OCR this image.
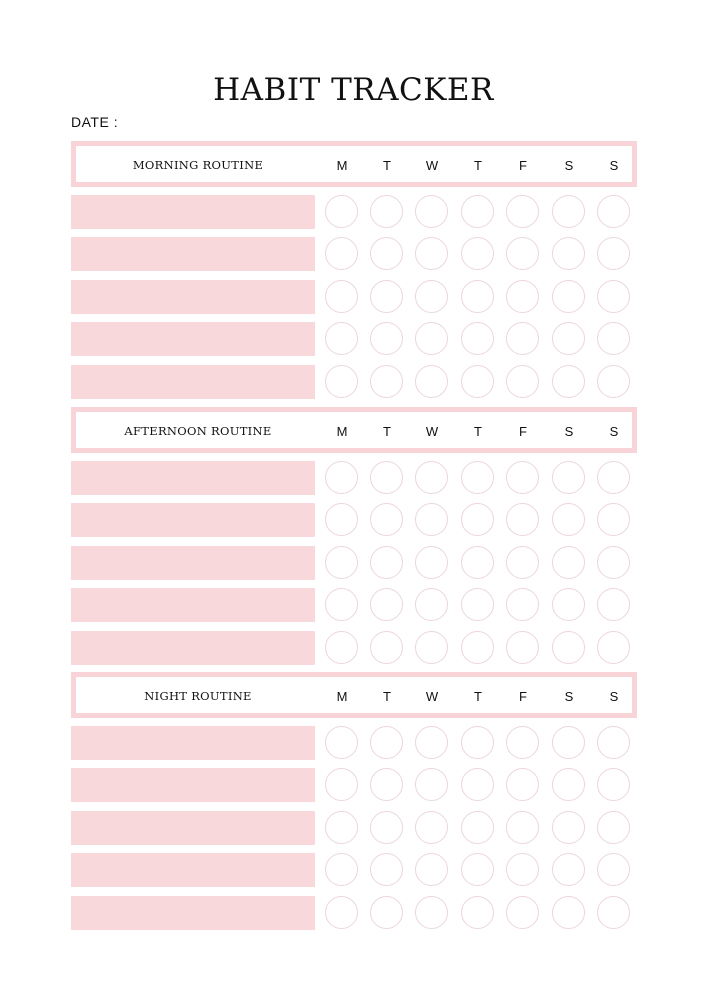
HABIT TRACKER
DATE :
MORNING ROUTINE	M	T	W	T	F	S	S
AFTERNOON ROUTINE	M	T	W	T	F	S	S
NIGHT ROUTINE	M	T	W	T	F	S	S
